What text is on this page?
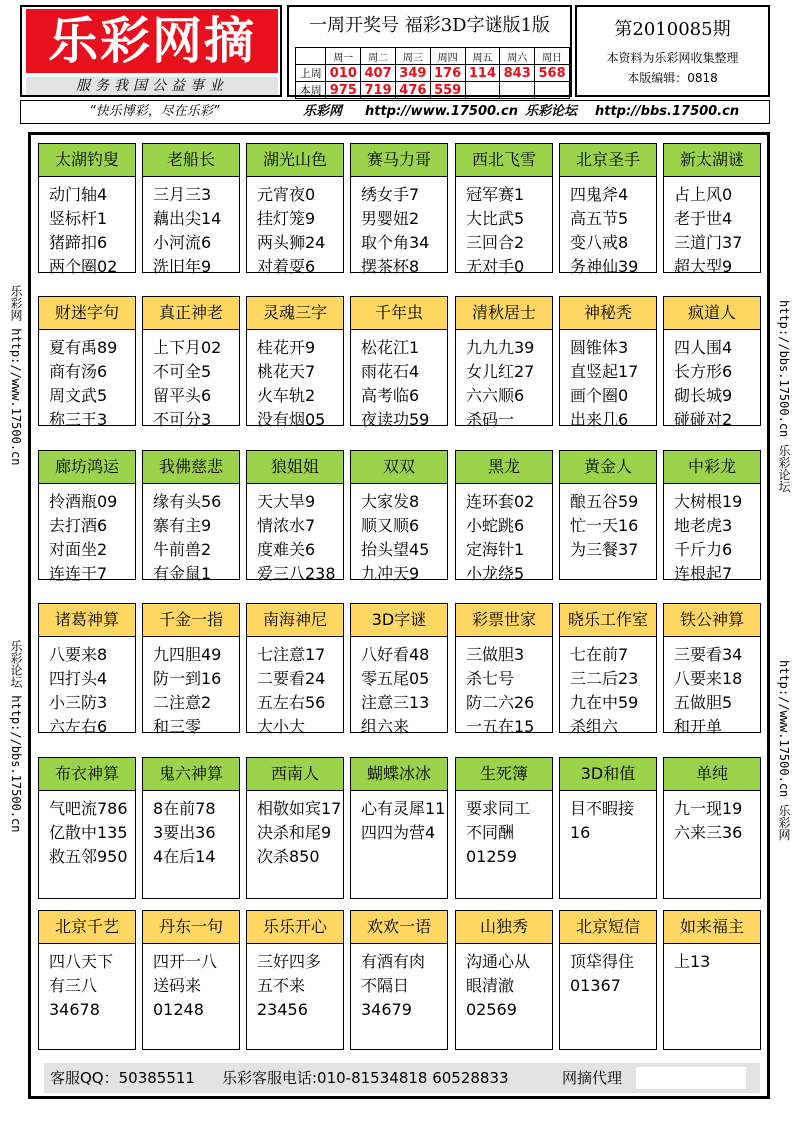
乐彩网摘
服务我国公益事业
一周开奖号 福彩3D字谜版1版
	周一	周二	周三	周四	周五	周六	周日
上周	010	407	349	176	114	843	568
本周	975	719	476	559			
第2010085期
本资料为乐彩网收集整理
本版编辑：0818
“快乐博彩，尽在乐彩”	乐彩网 http://www.17500.cn 乐彩论坛 http://bbs.17500.cn
乐彩网 http://www.17500.cn
乐彩论坛 http://bbs.17500.cn
http://bbs.17500.cn 乐彩论坛
http://www.17500.cn 乐彩网
太湖钓叟
动门轴4
竖标杆1
猪蹄扣6
两个圈02
老船长
三月三3
藕出尖14
小河流6
洗旧年9
湖光山色
元宵夜0
挂灯笼9
两头狮24
对着耍6
赛马力哥
绣女手7
男婴妞2
取个角34
摆茶杯8
西北飞雪
冠军赛1
大比武5
三回合2
无对手0
北京圣手
四鬼斧4
高五节5
变八戒8
务神仙39
新太湖谜
占上风0
老于世4
三道门37
超大型9
财迷字句
夏有禹89
商有汤6
周文武5
称三王3
真正神老
上下月02
不可全5
留平头6
不可分3
灵魂三字
桂花开9
桃花天7
火车轨2
没有烟05
千年虫
松花江1
雨花石4
高考临6
夜读功59
清秋居士
九九九39
女儿红27
六六顺6
杀码一
神秘秃
圆锥体3
直竖起17
画个圈0
出来几6
疯道人
四人围4
长方形6
砌长城9
碰碰对2
廊坊鸿运
拎酒瓶09
去打酒6
对面坐2
连连干7
我佛慈悲
缘有头56
寨有主9
牛前兽2
有金鼠1
狼姐姐
天大旱9
情浓水7
度难关6
爱三八238
双双
大家发8
顺又顺6
抬头望45
九冲天9
黑龙
连环套02
小蛇跳6
定海针1
小龙绕5
黄金人
酿五谷59
忙一天16
为三餐37
中彩龙
大树根19
地老虎3
千斤力6
连根起7
诸葛神算
八要来8
四打头4
小三防3
六左右6
千金一指
九四胆49
防一到16
二注意2
和三零
南海神尼
七注意17
二要看24
五左右56
大小大
3D字谜
八好看48
零五尾05
注意三13
组六来
彩票世家
三做胆3
杀七号
防二六26
一五在15
晓乐工作室
七在前7
三二后23
九在中59
杀组六
铁公神算
三要看34
八要来18
五做胆5
和开单
布衣神算
气吧流786
亿散中135
救五邻950
鬼六神算
8在前78
3要出36
4在后14
西南人
相敬如宾17
决杀和尾9
次杀850
蝴蝶冰冰
心有灵犀11
四四为营4
生死簿
要求同工
不同酬
01259
3D和值
目不暇接
16
单纯
九一现19
六来三36
北京千艺
四八天下
有三八
34678
丹东一句
四开一八
送码来
01248
乐乐开心
三好四多
五不来
23456
欢欢一语
有酒有肉
不隔日
34679
山独秀
沟通心从
眼清澈
02569
北京短信
顶牮得住
01367
如来福主
上13
客服QQ：50385511 乐彩客服电话:010-81534818 60528833	网摘代理
